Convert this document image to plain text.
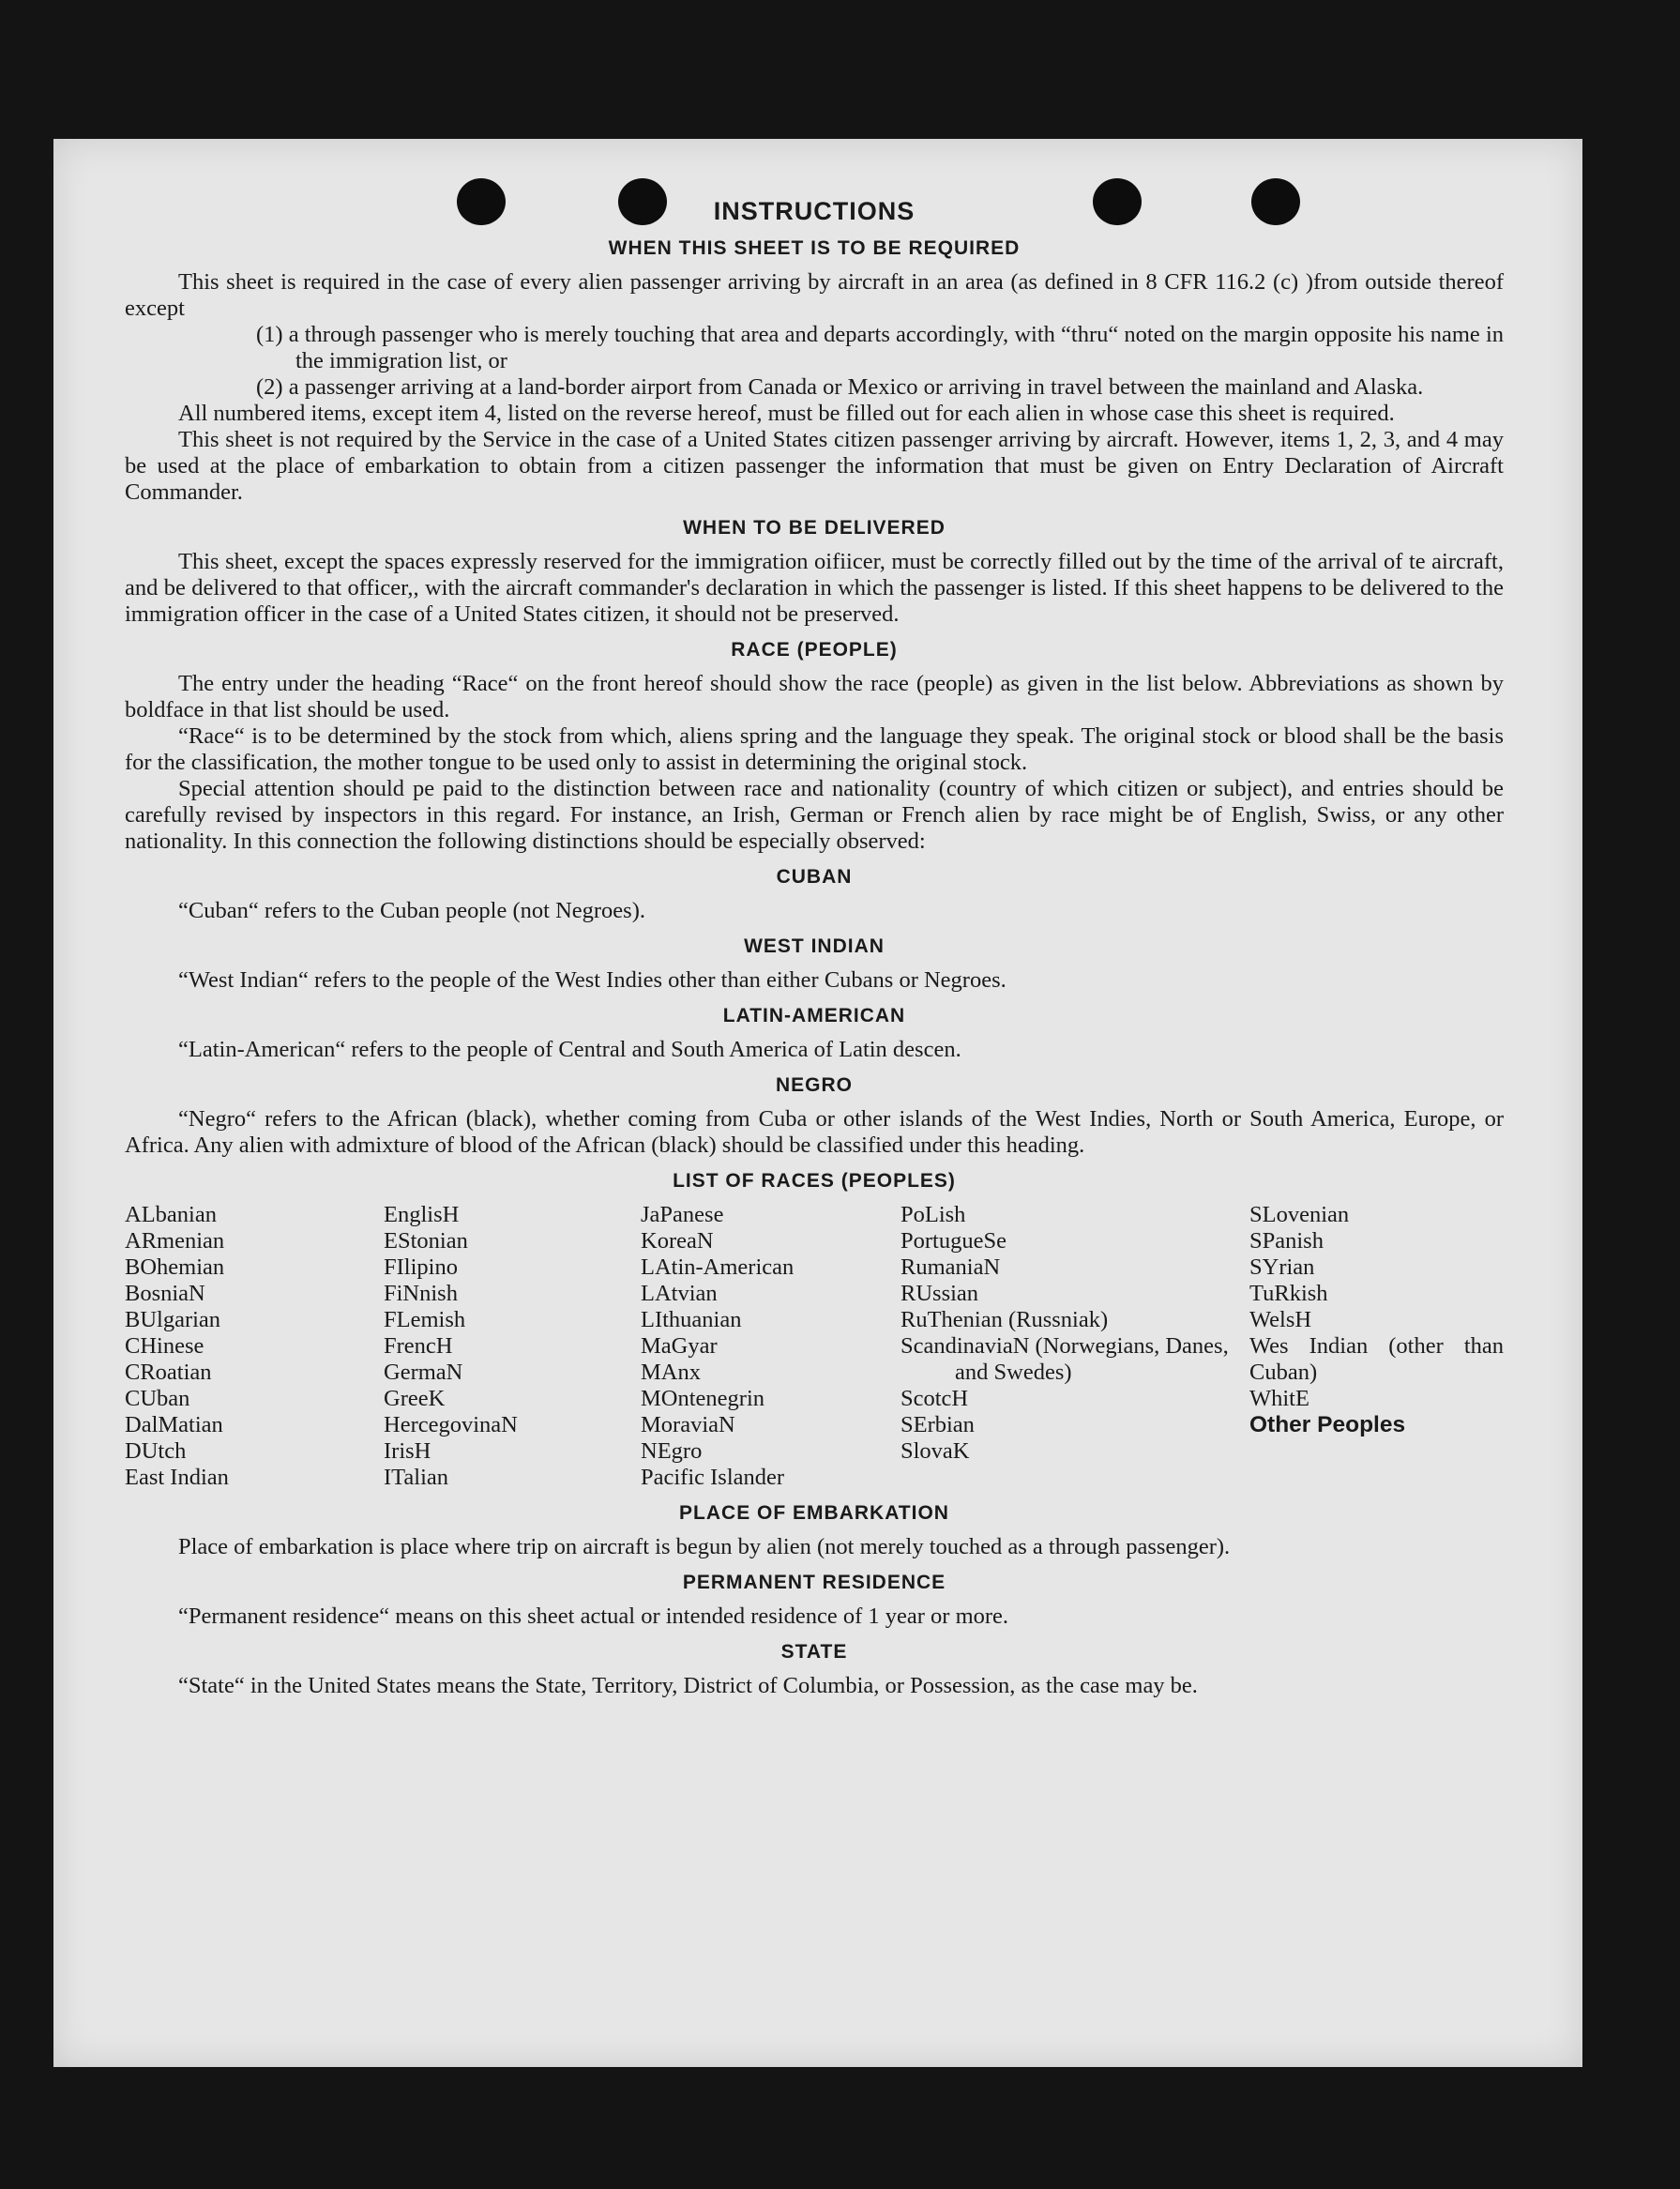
INSTRUCTIONS
WHEN THIS SHEET IS TO BE REQUIRED

This sheet is required in the case of every alien passenger arriving by aircraft in an area (as defined in 8 CFR 116.2 (c) )from outside thereof except

(1) a through passenger who is merely touching that area and departs accordingly, with “thru“ noted on the margin opposite his name in the immigration list, or
(2) a passenger arriving at a land-border airport from Canada or Mexico or arriving in travel between the mainland and Alaska.

All numbered items, except item 4, listed on the reverse hereof, must be filled out for each alien in whose case this sheet is required.

This sheet is not required by the Service in the case of a United States citizen passenger arriving by aircraft. However, items 1, 2, 3, and 4 may be used at the place of embarkation to obtain from a citizen passenger the information that must be given on Entry Declaration of Aircraft Commander.

WHEN TO BE DELIVERED

This sheet, except the spaces expressly reserved for the immigration oifiicer, must be correctly filled out by the time of the arrival of te aircraft, and be delivered to that officer,, with the aircraft commander's declaration in which the passenger is listed. If this sheet happens to be delivered to the immigration officer in the case of a United States citizen, it should not be preserved.

RACE (PEOPLE)

The entry under the heading “Race“ on the front hereof should show the race (people) as given in the list below. Abbreviations as shown by boldface in that list should be used.

“Race“ is to be determined by the stock from which, aliens spring and the language they speak. The original stock or blood shall be the basis for the classification, the mother tongue to be used only to assist in determining the original stock.

Special attention should pe paid to the distinction between race and nationality (country of which citizen or subject), and entries should be carefully revised by inspectors in this regard. For instance, an Irish, German or French alien by race might be of English, Swiss, or any other nationality. In this connection the following distinctions should be especially observed:

CUBAN

“Cuban“ refers to the Cuban people (not Negroes).

WEST INDIAN

“West Indian“ refers to the people of the West Indies other than either Cubans or Negroes.

LATIN-AMERICAN

“Latin-American“ refers to the people of Central and South America of Latin descen.

NEGRO

“Negro“ refers to the African (black), whether coming from Cuba or other islands of the West Indies, North or South America, Europe, or Africa. Any alien with admixture of blood of the African (black) should be classified under this heading.

LIST OF RACES (PEOPLES)
ALbanian
ARmenian
BOhemian
BosniaN
BUlgarian
CHinese
CRoatian
CUban
DalMatian
DUtch
East Indian
EnglisH
EStonian
FIlipino
FiNnish
FLemish
FrencH
GermaN
GreeK
HercegovinaN
IrisH
ITalian
JaPanese
KoreaN
LAtin-American
LAtvian
LIthuanian
MaGyar
MAnx
MOntenegrin
MoraviaN
NEgro
Pacific Islander
PoLish
PortugueSe
RumaniaN
RUssian
RuThenian (Russniak)
ScandinaviaN (Norwegians, Danes, and Swedes)
ScotcH
SErbian
SlovaK
SLovenian
SPanish
SYrian
TuRkish
WelsH
Wes Indian (other than Cuban)
WhitE
Other Peoples
PLACE OF EMBARKATION

Place of embarkation is place where trip on aircraft is begun by alien (not merely touched as a through passenger).

PERMANENT RESIDENCE

“Permanent residence“ means on this sheet actual or intended residence of 1 year or more.

STATE

“State“ in the United States means the State, Territory, District of Columbia, or Possession, as the case may be.
